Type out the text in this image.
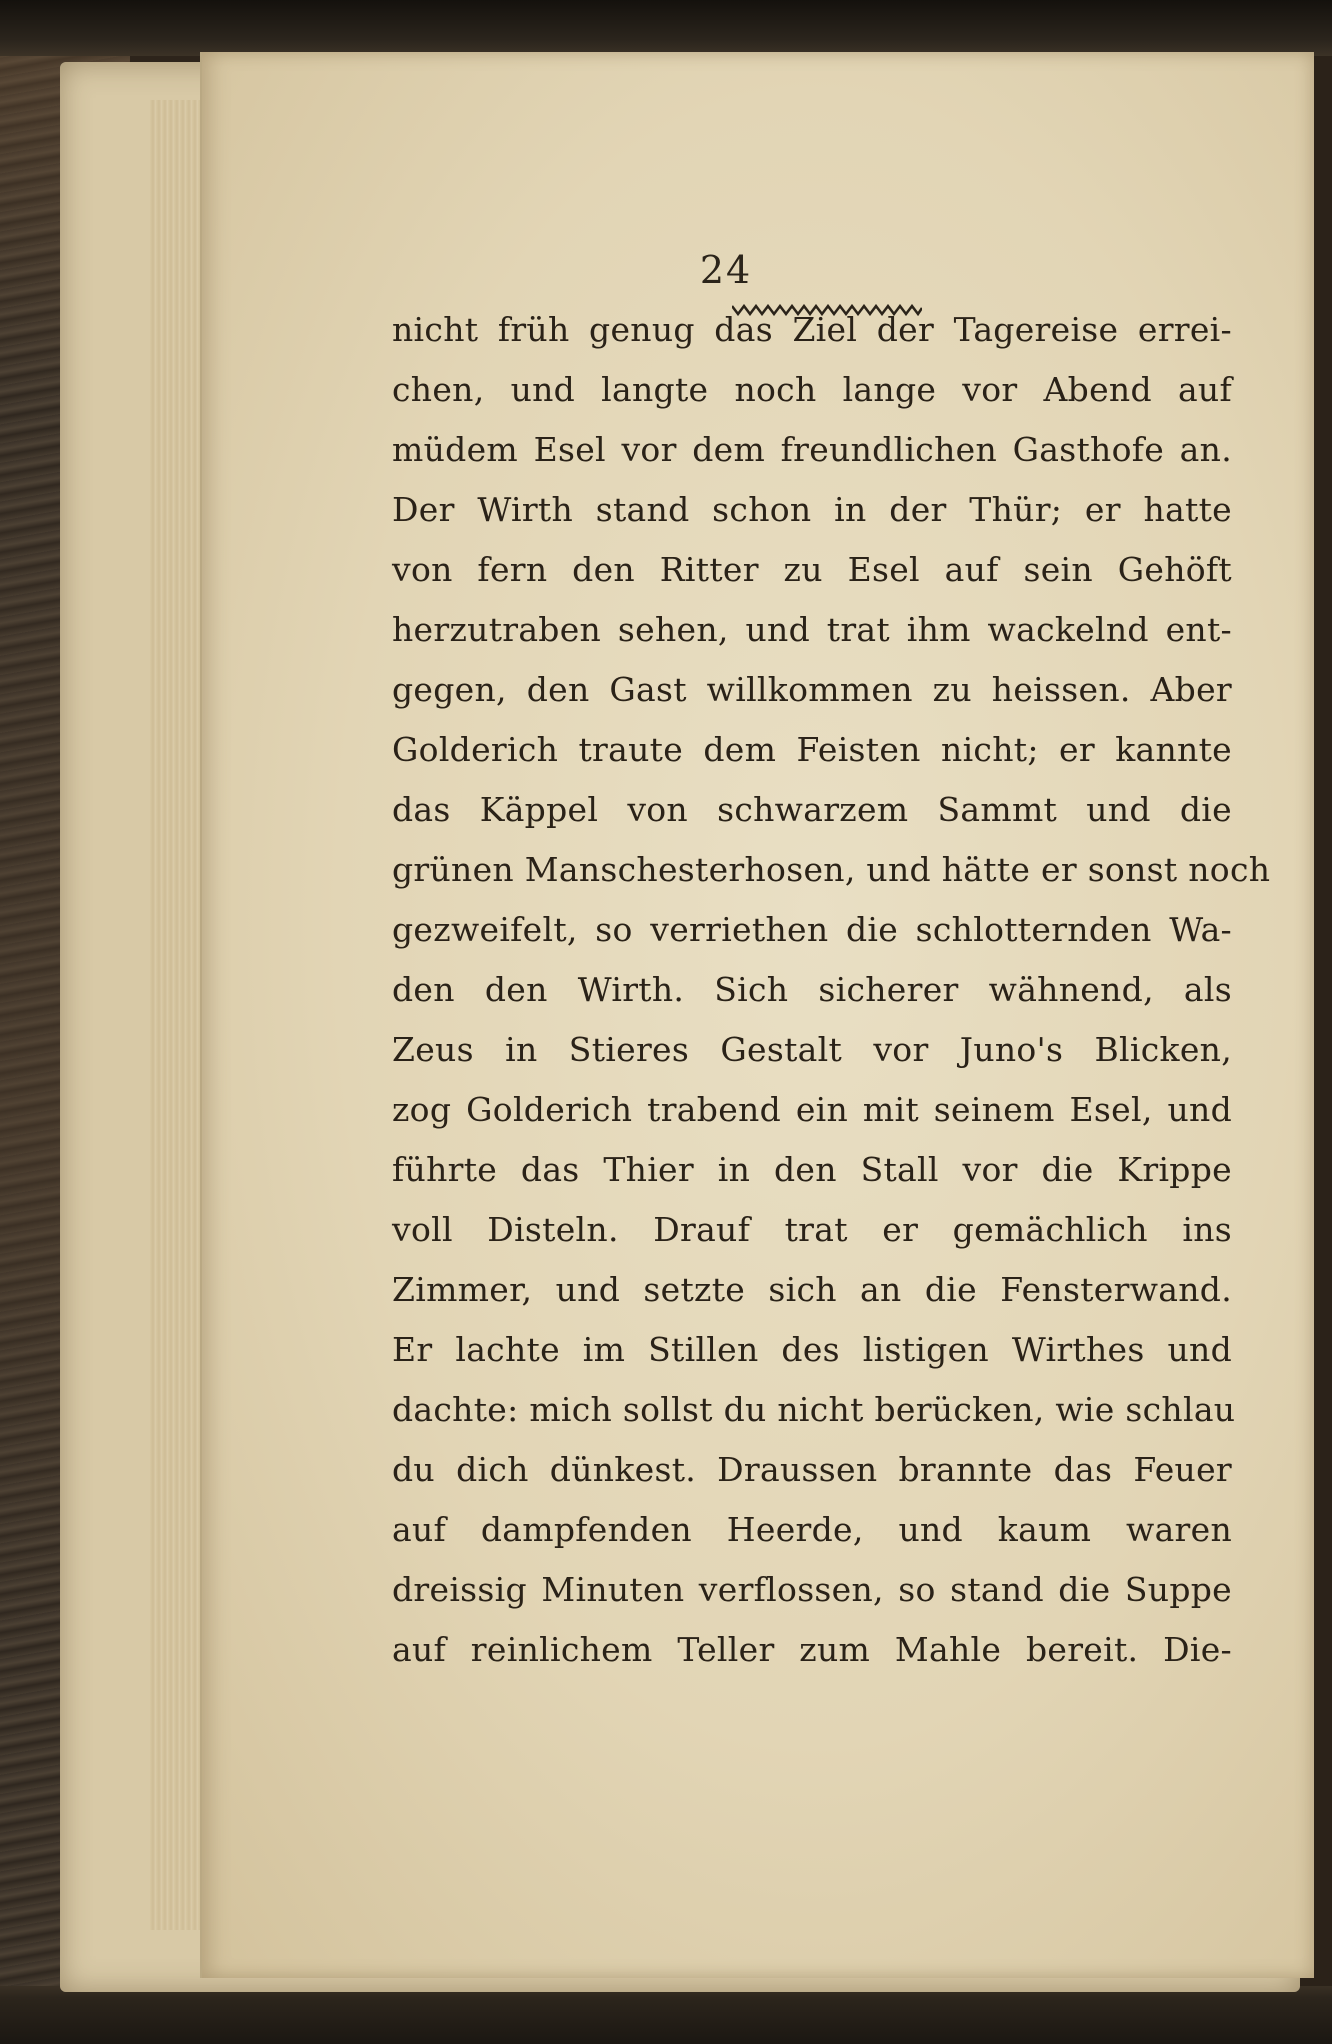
24
nicht früh genug das Ziel der Tagereise errei-
chen, und langte noch lange vor Abend auf
müdem Esel vor dem freundlichen Gasthofe an.
Der Wirth stand schon in der Thür; er hatte
von fern den Ritter zu Esel auf sein Gehöft
herzutraben sehen, und trat ihm wackelnd ent-
gegen, den Gast willkommen zu heissen. Aber
Golderich traute dem Feisten nicht; er kannte
das Käppel von schwarzem Sammt und die
grünen Manschesterhosen, und hätte er sonst noch
gezweifelt, so verriethen die schlotternden Wa-
den den Wirth. Sich sicherer wähnend, als
Zeus in Stieres Gestalt vor Juno's Blicken,
zog Golderich trabend ein mit seinem Esel, und
führte das Thier in den Stall vor die Krippe
voll Disteln. Drauf trat er gemächlich ins
Zimmer, und setzte sich an die Fensterwand.
Er lachte im Stillen des listigen Wirthes und
dachte: mich sollst du nicht berücken, wie schlau
du dich dünkest. Draussen brannte das Feuer
auf dampfenden Heerde, und kaum waren
dreissig Minuten verflossen, so stand die Suppe
auf reinlichem Teller zum Mahle bereit. Die-
